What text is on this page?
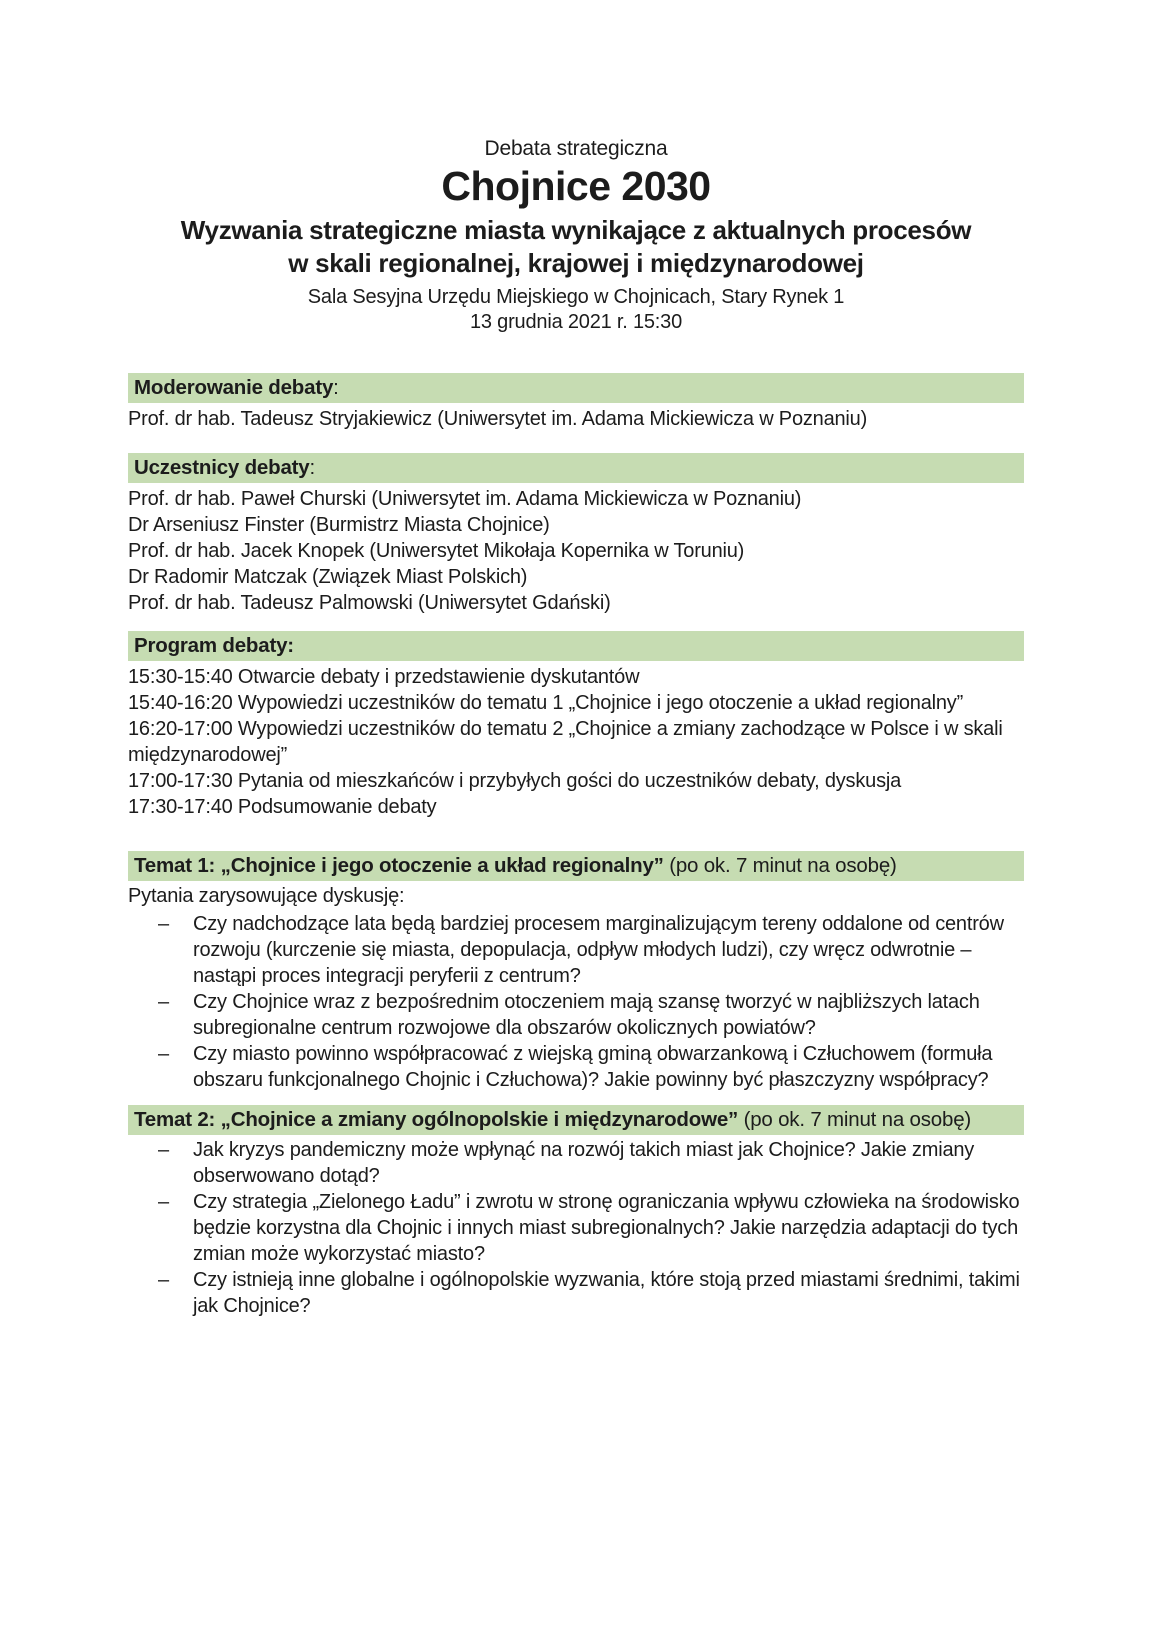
Debata strategiczna
Chojnice 2030
Wyzwania strategiczne miasta wynikające z aktualnych procesów
w skali regionalnej, krajowej i międzynarodowej
Sala Sesyjna Urzędu Miejskiego w Chojnicach, Stary Rynek 1
13 grudnia 2021 r. 15:30
Moderowanie debaty:
Prof. dr hab. Tadeusz Stryjakiewicz (Uniwersytet im. Adama Mickiewicza w Poznaniu)
Uczestnicy debaty:
Prof. dr hab. Paweł Churski (Uniwersytet im. Adama Mickiewicza w Poznaniu)
Dr Arseniusz Finster (Burmistrz Miasta Chojnice)
Prof. dr hab. Jacek Knopek (Uniwersytet Mikołaja Kopernika w Toruniu)
Dr Radomir Matczak (Związek Miast Polskich)
Prof. dr hab. Tadeusz Palmowski (Uniwersytet Gdański)
Program debaty:
15:30-15:40 Otwarcie debaty i przedstawienie dyskutantów
15:40-16:20 Wypowiedzi uczestników do tematu 1 „Chojnice i jego otoczenie a układ regionalny”
16:20-17:00 Wypowiedzi uczestników do tematu 2 „Chojnice a zmiany zachodzące w Polsce i w skali międzynarodowej”
17:00-17:30 Pytania od mieszkańców i przybyłych gości do uczestników debaty, dyskusja
17:30-17:40 Podsumowanie debaty
Temat 1: „Chojnice i jego otoczenie a układ regionalny” (po ok. 7 minut na osobę)
Pytania zarysowujące dyskusję:
– Czy nadchodzące lata będą bardziej procesem marginalizującym tereny oddalone od centrów rozwoju (kurczenie się miasta, depopulacja, odpływ młodych ludzi), czy wręcz odwrotnie – nastąpi proces integracji peryferii z centrum?
– Czy Chojnice wraz z bezpośrednim otoczeniem mają szansę tworzyć w najbliższych latach subregionalne centrum rozwojowe dla obszarów okolicznych powiatów?
– Czy miasto powinno współpracować z wiejską gminą obwarzankową i Człuchowem (formuła obszaru funkcjonalnego Chojnic i Człuchowa)? Jakie powinny być płaszczyzny współpracy?
Temat 2: „Chojnice a zmiany ogólnopolskie i międzynarodowe” (po ok. 7 minut na osobę)
– Jak kryzys pandemiczny może wpłynąć na rozwój takich miast jak Chojnice? Jakie zmiany obserwowano dotąd?
– Czy strategia „Zielonego Ładu” i zwrotu w stronę ograniczania wpływu człowieka na środowisko będzie korzystna dla Chojnic i innych miast subregionalnych? Jakie narzędzia adaptacji do tych zmian może wykorzystać miasto?
– Czy istnieją inne globalne i ogólnopolskie wyzwania, które stoją przed miastami średnimi, takimi jak Chojnice?
